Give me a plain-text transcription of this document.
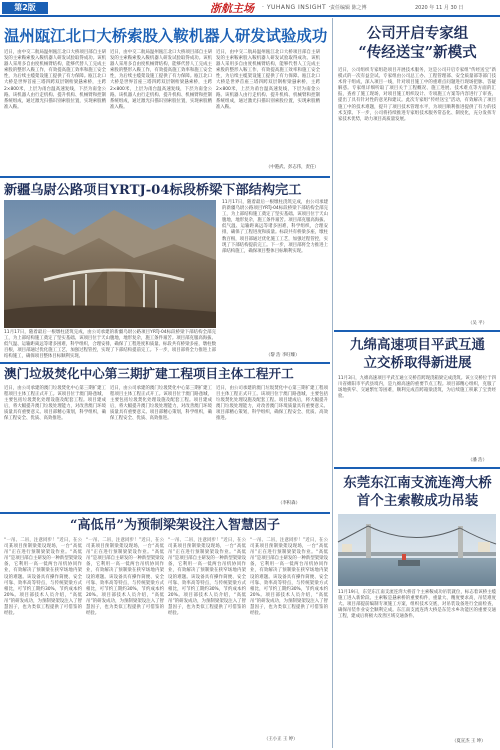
第2版	浙航主场 · YUHANG INSIGHT ·
责任编辑 陈之博	2020 年 11 月 30 日
温州瓯江北口大桥索股入鞍机器人研发试验成功
近日，由中交二航局温州瓯江北口大桥项目部自主研发的主索鞍索股入鞍机器人研发试验取得成功。该机器人采用多自由度机械臂结构，能够代替人工完成主索股的整形入鞍工作，有效提高施工效率和施工安全性，为后续主缆架设施工提供了有力保障。瓯江北口大桥是世界首座三塔四跨双层钢桁梁悬索桥，主跨2×800米，上层为甬台温高速复线，下层为南金公路。该机器人由行走机构、提升机构、机械臂和控制系统组成，通过激光扫描识别索股位置，实现索股精准入鞍。
近日，由中交二航局温州瓯江北口大桥项目部自主研发的主索鞍索股入鞍机器人研发试验取得成功。该机器人采用多自由度机械臂结构，能够代替人工完成主索股的整形入鞍工作，有效提高施工效率和施工安全性，为后续主缆架设施工提供了有力保障。瓯江北口大桥是世界首座三塔四跨双层钢桁梁悬索桥，主跨2×800米，上层为甬台温高速复线，下层为南金公路。该机器人由行走机构、提升机构、机械臂和控制系统组成，通过激光扫描识别索股位置，实现索股精准入鞍。
近日，由中交二航局温州瓯江北口大桥项目部自主研发的主索鞍索股入鞍机器人研发试验取得成功。该机器人采用多自由度机械臂结构，能够代替人工完成主索股的整形入鞍工作，有效提高施工效率和施工安全性，为后续主缆架设施工提供了有力保障。瓯江北口大桥是世界首座三塔四跨双层钢桁梁悬索桥，主跨2×800米，上层为甬台温高速复线，下层为南金公路。该机器人由行走机构、提升机构、机械臂和控制系统组成，通过激光扫描识别索股位置，实现索股精准入鞍。
（中港武、彭志伟，责任）
公司开启专家组
“传经送宝”新模式
近日，公司组织专家组赴项目开展技术服务，这是公司开启专家组“传经送宝”新模式的一次有益尝试。专家组由公司总工办、工程管理部、安全质量部等部门技术骨干组成，深入项目一线，针对项目施工中的重难点问题进行现场把脉、答疑解惑。专家组详细听取了项目关于工程概况、施工进展、技术难点等方面的汇报，查看了施工现场，对项目施工组织设计、专项施工方案等内容进行了审查，提出了具有针对性的意见和建议。此次专家组“传经送宝”活动，有效解决了项目施工中的技术难题，提升了项目技术管理水平，为项目顺利推进提供了有力的技术支撑。下一步，公司将持续推进专家组技术服务常态化、制度化，充分发挥专家技术优势，助力项目高质量发展。
（吴 平）
新疆乌尉公路项目YRTJ-04标段桥梁下部结构完工
11月17日，随着最后一根墩柱浇筑完成，由公司承建的新疆乌尉公路项目YRTJ-04标段桥梁下部结构全部完工，为上部结构施工奠定了坚实基础。该项目位于天山腹地，地形复杂，施工条件艰苦。项目部克服高海拔、低气温、运输距离远等诸多困难，科学组织，合理安排，确保了工程进度和质量。标段共有桥梁多座，墩柱数百根，项目部通过优化施工工艺，加强过程管控，实现了下部结构提前完工。下一步，项目部将全力推进上部结构施工，确保项目整体目标顺利实现。
11月17日，随着最后一根墩柱浇筑完成，由公司承建的新疆乌尉公路项目YRTJ-04标段桥梁下部结构全部完工，为上部结构施工奠定了坚实基础。该项目位于天山腹地，地形复杂，施工条件艰苦。项目部克服高海拔、低气温、运输距离远等诸多困难，科学组织，合理安排，确保了工程进度和质量。标段共有桥梁多座，墩柱数百根，项目部通过优化施工工艺，加强过程管控，实现了下部结构提前完工。下一步，项目部将全力推进上部结构施工，确保项目整体目标顺利实现。	（黎 浩 李旺臻）
九绵高速项目平武互通
立交桥取得新进展
11月3日，九绵高速项目平武互通立交桥首跨现浇箱梁完成浇筑。该立交桥位于四川省绵阳市平武县境内，是九绵高速的重要节点工程。项目部精心组织，克服了场地狭窄、交通繁忙等困难，顺利完成首跨箱梁浇筑，为后续施工积累了宝贵经验。
（潘 浩）
澳门垃圾焚化中心第三期扩建工程项目主体工程开工
近日，由公司承建的澳门垃圾焚化中心第三期扩建工程项目主体工程正式开工。该项目位于澳门路氹城，主要包括垃圾焚化处理设施及配套工程。项目建成后，将大幅提升澳门垃圾处理能力，对改善澳门环境质量具有重要意义。项目部精心策划，科学组织，确保工程安全、优质、高效推进。
近日，由公司承建的澳门垃圾焚化中心第三期扩建工程项目主体工程正式开工。该项目位于澳门路氹城，主要包括垃圾焚化处理设施及配套工程。项目建成后，将大幅提升澳门垃圾处理能力，对改善澳门环境质量具有重要意义。项目部精心策划，科学组织，确保工程安全、优质、高效推进。
近日，由公司承建的澳门垃圾焚化中心第三期扩建工程项目主体工程正式开工。该项目位于澳门路氹城，主要包括垃圾焚化处理设施及配套工程。项目建成后，将大幅提升澳门垃圾处理能力，对改善澳门环境质量具有重要意义。项目部精心策划，科学组织，确保工程安全、优质、高效推进。
（李积森）
“高低吊”为预制梁架设注入智慧因子
“一吊、二吊，注意同步！”近日，在公司某项目预制梁架设现场，一台“高低吊”正在进行预制梁架设作业。“高低吊”是项目部自主研发的一种新型架梁设备，它利用一高一低两台吊机协同作业，有效解决了预制梁在狭窄场地内架设的难题。该设备具有操作简便、安全可靠、效率高等特点，与传统架梁方式相比，可节约工期约30%，节约成本约20%。项目部技术人员介绍，“高低吊”的研发成功，为预制梁架设注入了智慧因子，也为类似工程提供了可借鉴的经验。
“一吊、二吊，注意同步！”近日，在公司某项目预制梁架设现场，一台“高低吊”正在进行预制梁架设作业。“高低吊”是项目部自主研发的一种新型架梁设备，它利用一高一低两台吊机协同作业，有效解决了预制梁在狭窄场地内架设的难题。该设备具有操作简便、安全可靠、效率高等特点，与传统架梁方式相比，可节约工期约30%，节约成本约20%。项目部技术人员介绍，“高低吊”的研发成功，为预制梁架设注入了智慧因子，也为类似工程提供了可借鉴的经验。
“一吊、二吊，注意同步！”近日，在公司某项目预制梁架设现场，一台“高低吊”正在进行预制梁架设作业。“高低吊”是项目部自主研发的一种新型架梁设备，它利用一高一低两台吊机协同作业，有效解决了预制梁在狭窄场地内架设的难题。该设备具有操作简便、安全可靠、效率高等特点，与传统架梁方式相比，可节约工期约30%，节约成本约20%。项目部技术人员介绍，“高低吊”的研发成功，为预制梁架设注入了智慧因子，也为类似工程提供了可借鉴的经验。
“一吊、二吊，注意同步！”近日，在公司某项目预制梁架设现场，一台“高低吊”正在进行预制梁架设作业。“高低吊”是项目部自主研发的一种新型架梁设备，它利用一高一低两台吊机协同作业，有效解决了预制梁在狭窄场地内架设的难题。该设备具有操作简便、安全可靠、效率高等特点，与传统架梁方式相比，可节约工期约30%，节约成本约20%。项目部技术人员介绍，“高低吊”的研发成功，为预制梁架设注入了智慧因子，也为类似工程提供了可借鉴的经验。
（王小正 王 婷）
东莞东江南支流连湾大桥
首个主索鞍成功吊装
11月19日，东莞东江南支流连湾大桥首个主索鞍成功吊装就位，标志着该桥主缆施工进入新阶段。主索鞍是悬索桥的重要构件，重量大、精度要求高，吊装难度大。项目部提前编制专项施工方案，组织技术交底，对吊装设备进行全面检查，确保吊装作业安全顺利完成。东江南支流连湾大桥是东莞水乡功能区的重要交通工程，建成后将极大改善区域交通条件。
（夏宣杰 王 坤）
